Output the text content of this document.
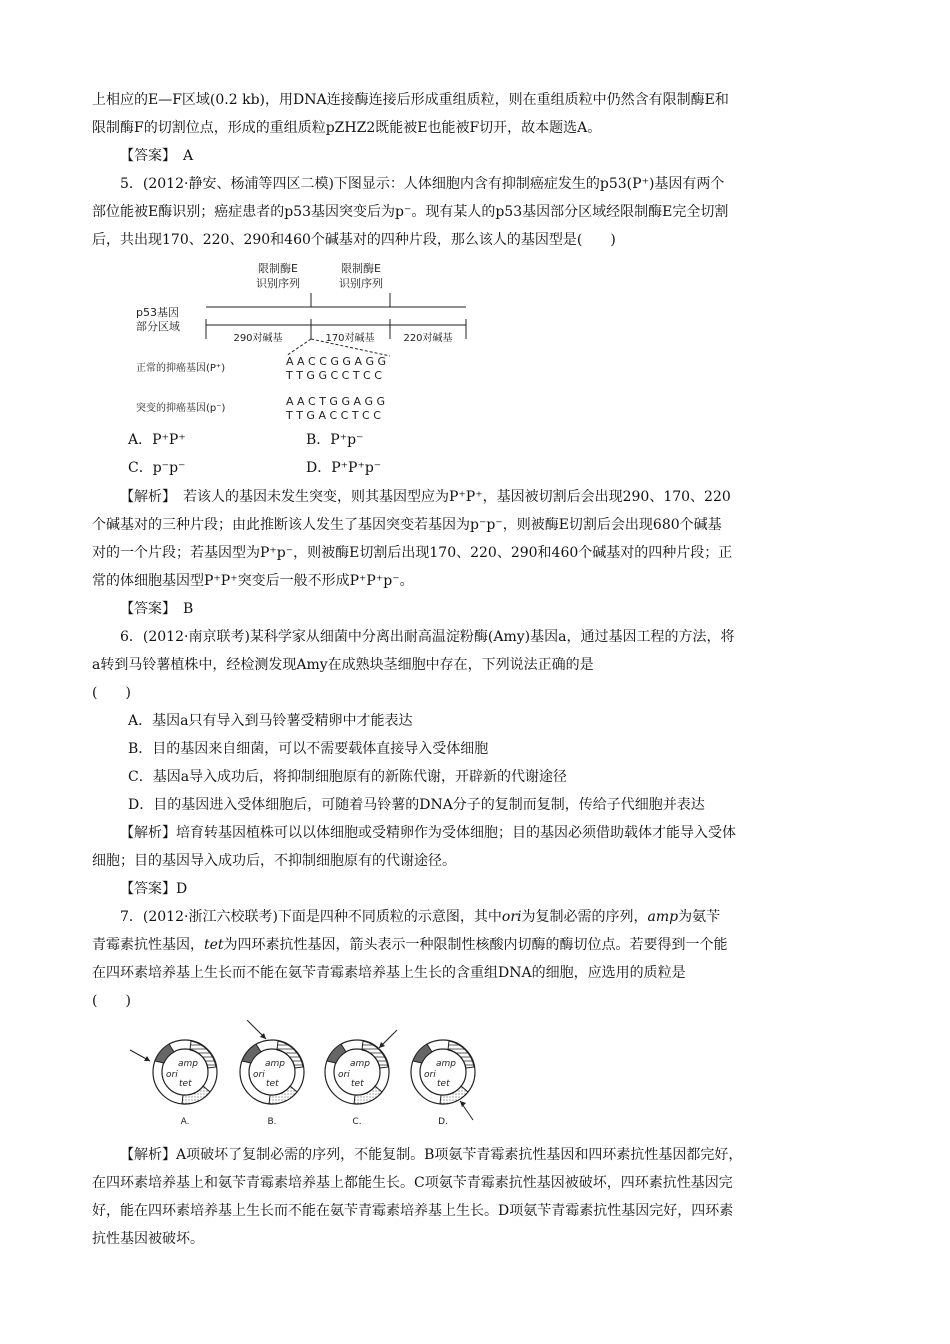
上相应的E—F区域(0.2 kb)，用DNA连接酶连接后形成重组质粒，则在重组质粒中仍然含有限制酶E和
限制酶F的切割位点，形成的重组质粒pZHZ2既能被E也能被F切开，故本题选A。
【答案】　A
5．(2012·静安、杨浦等四区二模)下图显示：人体细胞内含有抑制癌症发生的p53(P⁺)基因有两个
部位能被E酶识别；癌症患者的p53基因突变后为p⁻。现有某人的p53基因部分区域经限制酶E完全切割
后，共出现170、220、290和460个碱基对的四种片段，那么该人的基因型是(　　)
限制酶E
识别序列
限制酶E
识别序列
p53基因
部分区域
290对碱基	170对碱基	220对碱基
正常的抑癌基因(P⁺)
突变的抑癌基因(p⁻)
A A C C G G A G G
T T G G C C T C C
A A C T G G A G G
T T G A C C T C C
A．P⁺P⁺	B．P⁺p⁻
C．p⁻p⁻	D．P⁺P⁺p⁻
【解析】　若该人的基因未发生突变，则其基因型应为P⁺P⁺，基因被切割后会出现290、170、220
个碱基对的三种片段；由此推断该人发生了基因突变若基因为p⁻p⁻，则被酶E切割后会出现680个碱基
对的一个片段；若基因型为P⁺p⁻，则被酶E切割后出现170、220、290和460个碱基对的四种片段；正
常的体细胞基因型P⁺P⁺突变后一般不形成P⁺P⁺p⁻。
【答案】　B
6．(2012·南京联考)某科学家从细菌中分离出耐高温淀粉酶(Amy)基因a，通过基因工程的方法，将
a转到马铃薯植株中，经检测发现Amy在成熟块茎细胞中存在，下列说法正确的是
(　　)
A．基因a只有导入到马铃薯受精卵中才能表达
B．目的基因来自细菌，可以不需要载体直接导入受体细胞
C．基因a导入成功后，将抑制细胞原有的新陈代谢，开辟新的代谢途径
D．目的基因进入受体细胞后，可随着马铃薯的DNA分子的复制而复制，传给子代细胞并表达
【解析】培育转基因植株可以以体细胞或受精卵作为受体细胞；目的基因必须借助载体才能导入受体
细胞；目的基因导入成功后，不抑制细胞原有的代谢途径。
【答案】D
7．(2012·浙江六校联考)下面是四种不同质粒的示意图，其中ori为复制必需的序列，amp为氨苄
青霉素抗性基因，tet为四环素抗性基因，箭头表示一种限制性核酸内切酶的酶切位点。若要得到一个能
在四环素培养基上生长而不能在氨苄青霉素培养基上生长的含重组DNA的细胞，应选用的质粒是
(　　)
amp
ori
tet
A.
amp
ori
tet
B.
amp
ori
tet
C.
amp
ori
tet
D.
【解析】A项破坏了复制必需的序列，不能复制。B项氨苄青霉素抗性基因和四环素抗性基因都完好，
在四环素培养基上和氨苄青霉素培养基上都能生长。C项氨苄青霉素抗性基因被破坏，四环素抗性基因完
好，能在四环素培养基上生长而不能在氨苄青霉素培养基上生长。D项氨苄青霉素抗性基因完好，四环素
抗性基因被破坏。
